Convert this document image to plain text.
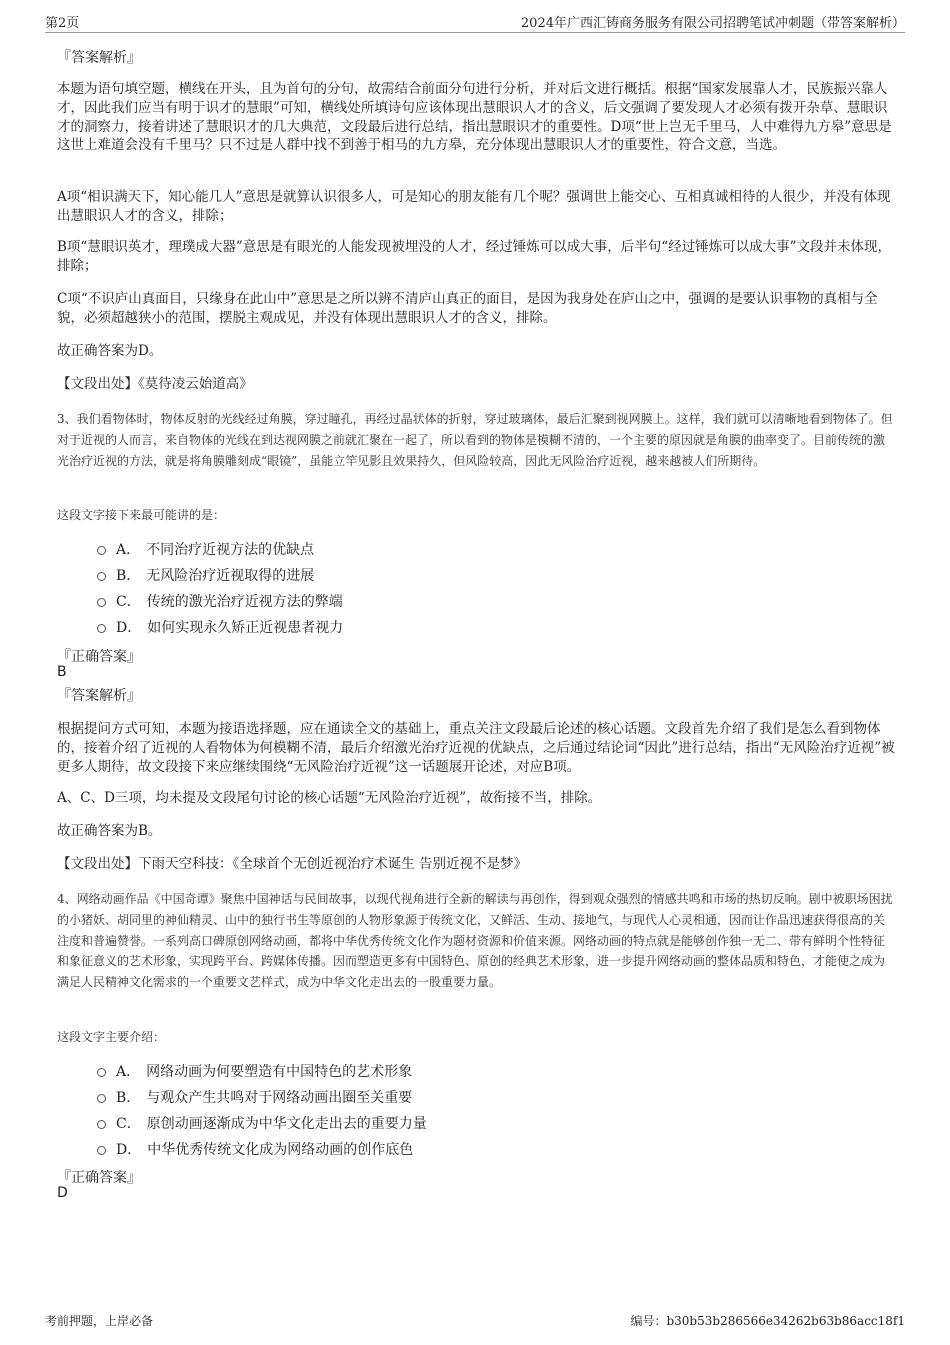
第2页	2024年广西汇铸商务服务有限公司招聘笔试冲刺题（带答案解析）
『答案解析』
本题为语句填空题，横线在开头，且为首句的分句，故需结合前面分句进行分析，并对后文进行概括。根据“国家发展靠人才，民族振兴靠人才，因此我们应当有明于识才的慧眼”可知，横线处所填诗句应该体现出慧眼识人才的含义，后文强调了要发现人才必须有拨开杂草、慧眼识才的洞察力，接着讲述了慧眼识才的几大典范，文段最后进行总结，指出慧眼识才的重要性。D项“世上岂无千里马，人中难得九方皋”意思是这世上难道会没有千里马？只不过是人群中找不到善于相马的九方皋，充分体现出慧眼识人才的重要性，符合文意，当选。
A项“相识满天下，知心能几人”意思是就算认识很多人，可是知心的朋友能有几个呢？强调世上能交心、互相真诚相待的人很少，并没有体现出慧眼识人才的含义，排除；
B项“慧眼识英才，理璞成大器”意思是有眼光的人能发现被埋没的人才，经过锤炼可以成大事，后半句“经过锤炼可以成大事”文段并未体现，排除；
C项“不识庐山真面目，只缘身在此山中”意思是之所以辨不清庐山真正的面目，是因为我身处在庐山之中，强调的是要认识事物的真相与全貌，必须超越狭小的范围，摆脱主观成见，并没有体现出慧眼识人才的含义，排除。
故正确答案为D。
【文段出处】《莫待凌云始道高》
3、我们看物体时，物体反射的光线经过角膜，穿过瞳孔，再经过晶状体的折射，穿过玻璃体，最后汇聚到视网膜上。这样，我们就可以清晰地看到物体了。但对于近视的人而言，来自物体的光线在到达视网膜之前就汇聚在一起了，所以看到的物体是模糊不清的，一个主要的原因就是角膜的曲率变了。目前传统的激光治疗近视的方法，就是将角膜雕刻成“眼镜”，虽能立竿见影且效果持久，但风险较高，因此无风险治疗近视，越来越被人们所期待。
这段文字接下来最可能讲的是：
A． 不同治疗近视方法的优缺点
B． 无风险治疗近视取得的进展
C． 传统的激光治疗近视方法的弊端
D． 如何实现永久矫正近视患者视力
『正确答案』
B
『答案解析』
根据提问方式可知，本题为接语选择题，应在通读全文的基础上，重点关注文段最后论述的核心话题。文段首先介绍了我们是怎么看到物体的，接着介绍了近视的人看物体为何模糊不清，最后介绍激光治疗近视的优缺点，之后通过结论词“因此”进行总结，指出“无风险治疗近视”被更多人期待，故文段接下来应继续围绕“无风险治疗近视”这一话题展开论述，对应B项。
A、C、D三项，均未提及文段尾句讨论的核心话题“无风险治疗近视”，故衔接不当，排除。
故正确答案为B。
【文段出处】下雨天空科技：《全球首个无创近视治疗术诞生 告别近视不是梦》
4、网络动画作品《中国奇谭》聚焦中国神话与民间故事，以现代视角进行全新的解读与再创作，得到观众强烈的情感共鸣和市场的热切反响。剧中被职场困扰的小猪妖、胡同里的神仙精灵、山中的独行书生等原创的人物形象源于传统文化，又鲜活、生动、接地气，与现代人心灵相通，因而让作品迅速获得很高的关注度和普遍赞誉。一系列高口碑原创网络动画，都将中华优秀传统文化作为题材资源和价值来源。网络动画的特点就是能够创作独一无二、带有鲜明个性特征和象征意义的艺术形象，实现跨平台、跨媒体传播。因而塑造更多有中国特色、原创的经典艺术形象，进一步提升网络动画的整体品质和特色，才能使之成为满足人民精神文化需求的一个重要文艺样式，成为中华文化走出去的一股重要力量。
这段文字主要介绍：
A． 网络动画为何要塑造有中国特色的艺术形象
B． 与观众产生共鸣对于网络动画出圈至关重要
C． 原创动画逐渐成为中华文化走出去的重要力量
D． 中华优秀传统文化成为网络动画的创作底色
『正确答案』
D
考前押题，上岸必备	编号：b30b53b286566e34262b63b86acc18f1
